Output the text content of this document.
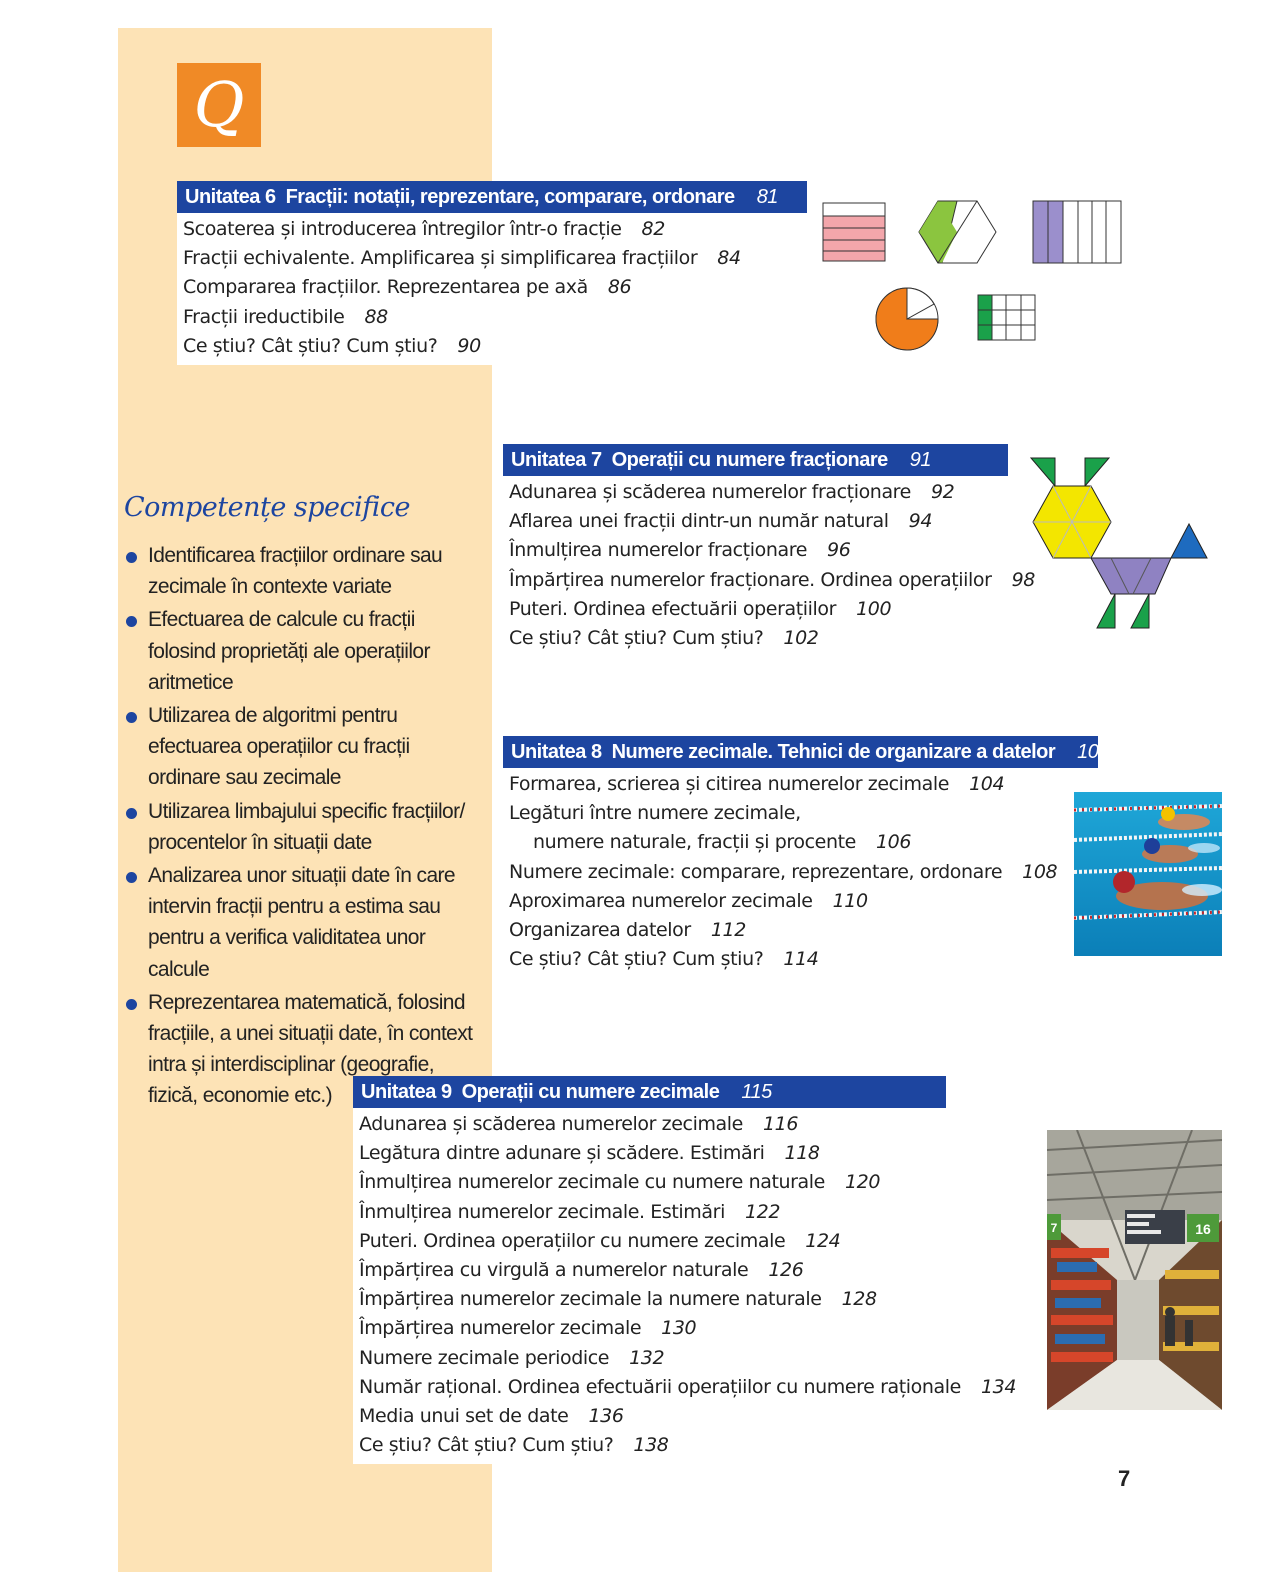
Q
Unitatea 6 Fracții: notații, reprezentare, comparare, ordonare 81
Scoaterea și introducerea întregilor într-o fracție 82
Fracții echivalente. Amplificarea și simplificarea fracțiilor 84
Compararea fracțiilor. Reprezentarea pe axă 86
Fracții ireductibile 88
Ce știu? Cât știu? Cum știu? 90
Competențe specifice
Identificarea fracțiilor ordinare sau zecimale în contexte variate
Efectuarea de calcule cu fracții folosind proprietăți ale operațiilor aritmetice
Utilizarea de algoritmi pentru efectuarea operațiilor cu fracții ordinare sau zecimale
Utilizarea limbajului specific fracțiilor/ procentelor în situații date
Analizarea unor situații date în care intervin fracții pentru a estima sau pentru a verifica validitatea unor calcule
Reprezentarea matematică, folosind fracțiile, a unei situații date, în context intra și interdisciplinar (geografie, fizică, economie etc.)
Unitatea 7 Operații cu numere fracționare 91
Adunarea și scăderea numerelor fracționare 92
Aflarea unei fracții dintr-un număr natural 94
Înmulțirea numerelor fracționare 96
Împărțirea numerelor fracționare. Ordinea operațiilor 98
Puteri. Ordinea efectuării operațiilor 100
Ce știu? Cât știu? Cum știu? 102
Unitatea 8 Numere zecimale. Tehnici de organizare a datelor 103
Formarea, scrierea și citirea numerelor zecimale 104
Legături între numere zecimale,
numere naturale, fracții și procente 106
Numere zecimale: comparare, reprezentare, ordonare 108
Aproximarea numerelor zecimale 110
Organizarea datelor 112
Ce știu? Cât știu? Cum știu? 114
Unitatea 9 Operații cu numere zecimale 115
Adunarea și scăderea numerelor zecimale 116
Legătura dintre adunare și scădere. Estimări 118
Înmulțirea numerelor zecimale cu numere naturale 120
Înmulțirea numerelor zecimale. Estimări 122
Puteri. Ordinea operațiilor cu numere zecimale 124
Împărțirea cu virgulă a numerelor naturale 126
Împărțirea numerelor zecimale la numere naturale 128
Împărțirea numerelor zecimale 130
Numere zecimale periodice 132
Număr rațional. Ordinea efectuării operațiilor cu numere raționale 134
Media unui set de date 136
Ce știu? Cât știu? Cum știu? 138
16
7
7
